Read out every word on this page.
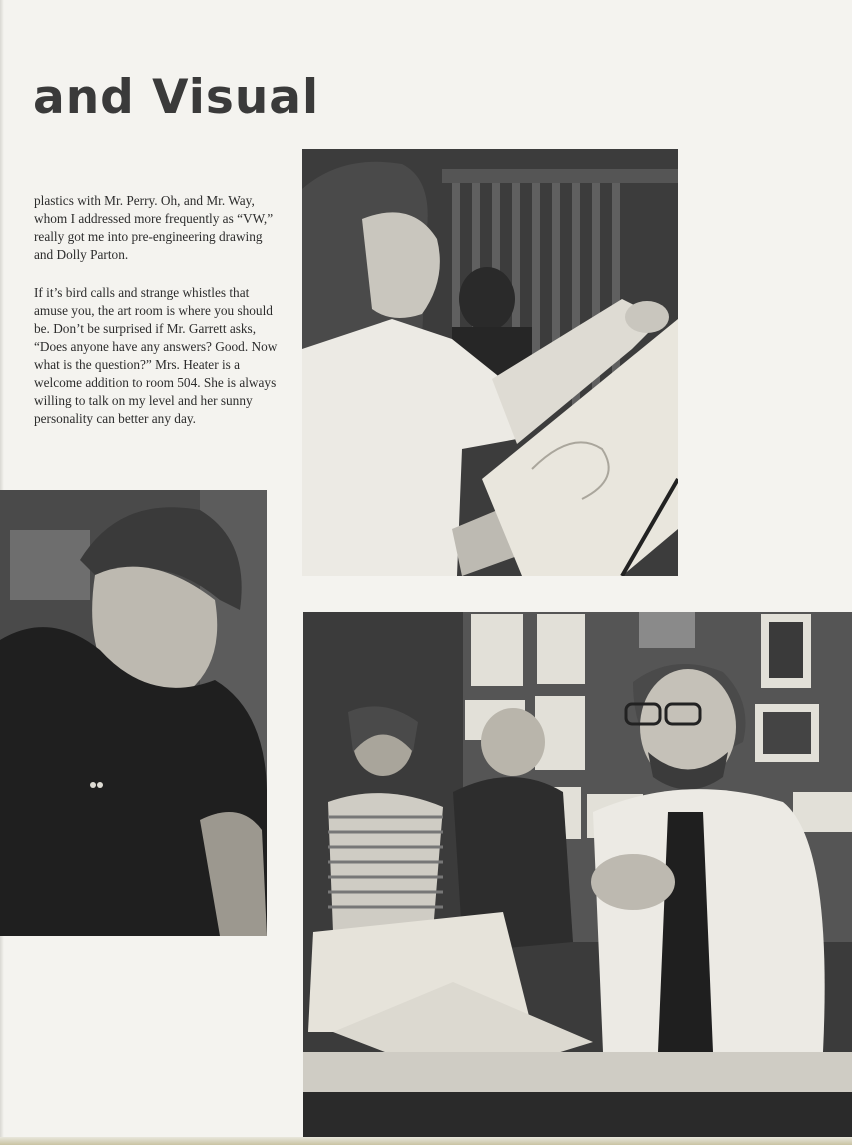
and Visual

plastics with Mr. Perry. Oh, and Mr. Way, whom I addressed more frequently as “VW,” really got me into pre-engineering drawing and Dolly Parton.

If it’s bird calls and strange whistles that amuse you, the art room is where you should be. Don’t be surprised if Mr. Garrett asks, “Does anyone have any answers? Good. Now what is the question?” Mrs. Heater is a welcome addition to room 504. She is always willing to talk on my level and her sunny personality can better any day.
